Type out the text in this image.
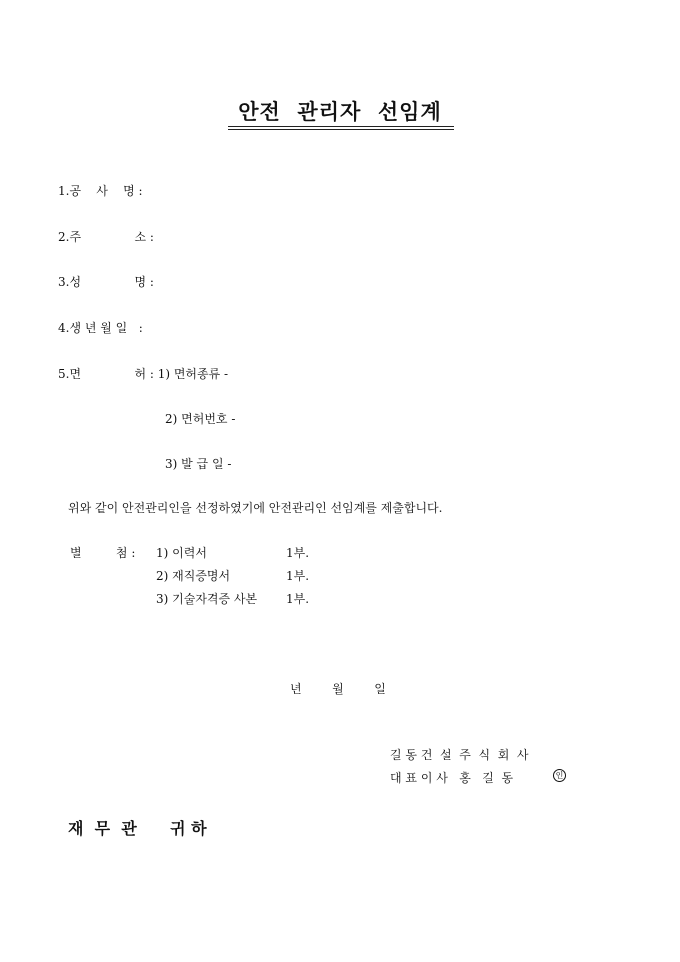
안전  관리자  선임계
1.공    사    명 :
2.주              소 :
3.성              명 :
4.생 년 월 일   :
5.면              허 : 1) 면허종류 -
2) 면허번호 -
3) 발 급 일 -
위와 같이 안전관리인을 선정하였기에 안전관리인 선임계를 제출합니다.
별         첨 : 1) 이력서	1부.
2) 재직증명서	1부.
3) 기술자격증 사본 1부.
년        월        일
길 동 건  설  주  식  회  사
대 표 이 사   홍   길  동	인
재  무  관      귀 하
